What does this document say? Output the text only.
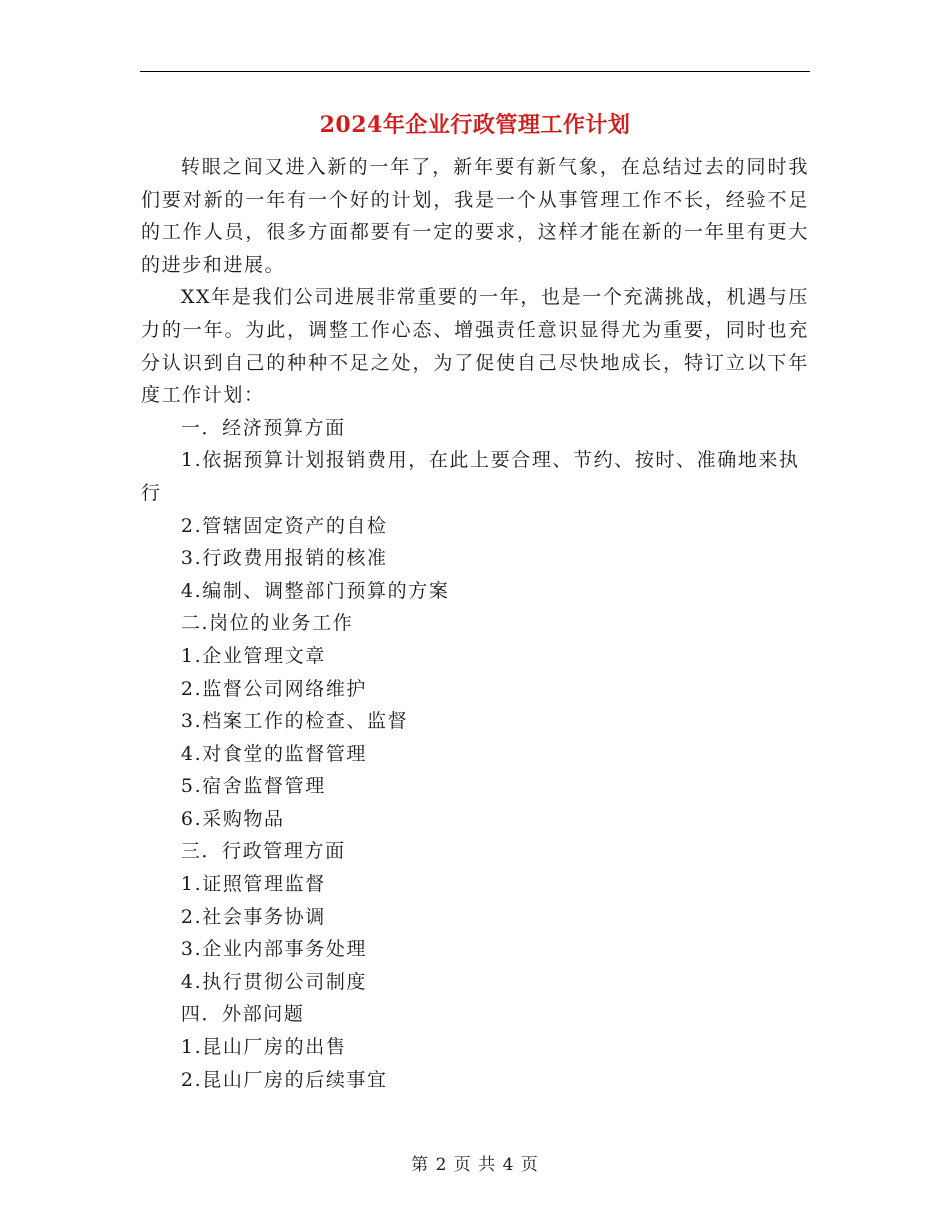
2024年企业行政管理工作计划

转眼之间又进入新的一年了，新年要有新气象，在总结过去的同时我们要对新的一年有一个好的计划，我是一个从事管理工作不长，经验不足的工作人员，很多方面都要有一定的要求，这样才能在新的一年里有更大的进步和进展。

XX年是我们公司进展非常重要的一年，也是一个充满挑战，机遇与压力的一年。为此，调整工作心态、增强责任意识显得尤为重要，同时也充分认识到自己的种种不足之处，为了促使自己尽快地成长，特订立以下年度工作计划：

一．经济预算方面

1.依据预算计划报销费用，在此上要合理、节约、按时、准确地来执行

2.管辖固定资产的自检

3.行政费用报销的核准

4.编制、调整部门预算的方案

二.岗位的业务工作

1.企业管理文章

2.监督公司网络维护

3.档案工作的检查、监督

4.对食堂的监督管理

5.宿舍监督管理

6.采购物品

三．行政管理方面

1.证照管理监督

2.社会事务协调

3.企业内部事务处理

4.执行贯彻公司制度

四．外部问题

1.昆山厂房的出售

2.昆山厂房的后续事宜

第 2 页 共 4 页
